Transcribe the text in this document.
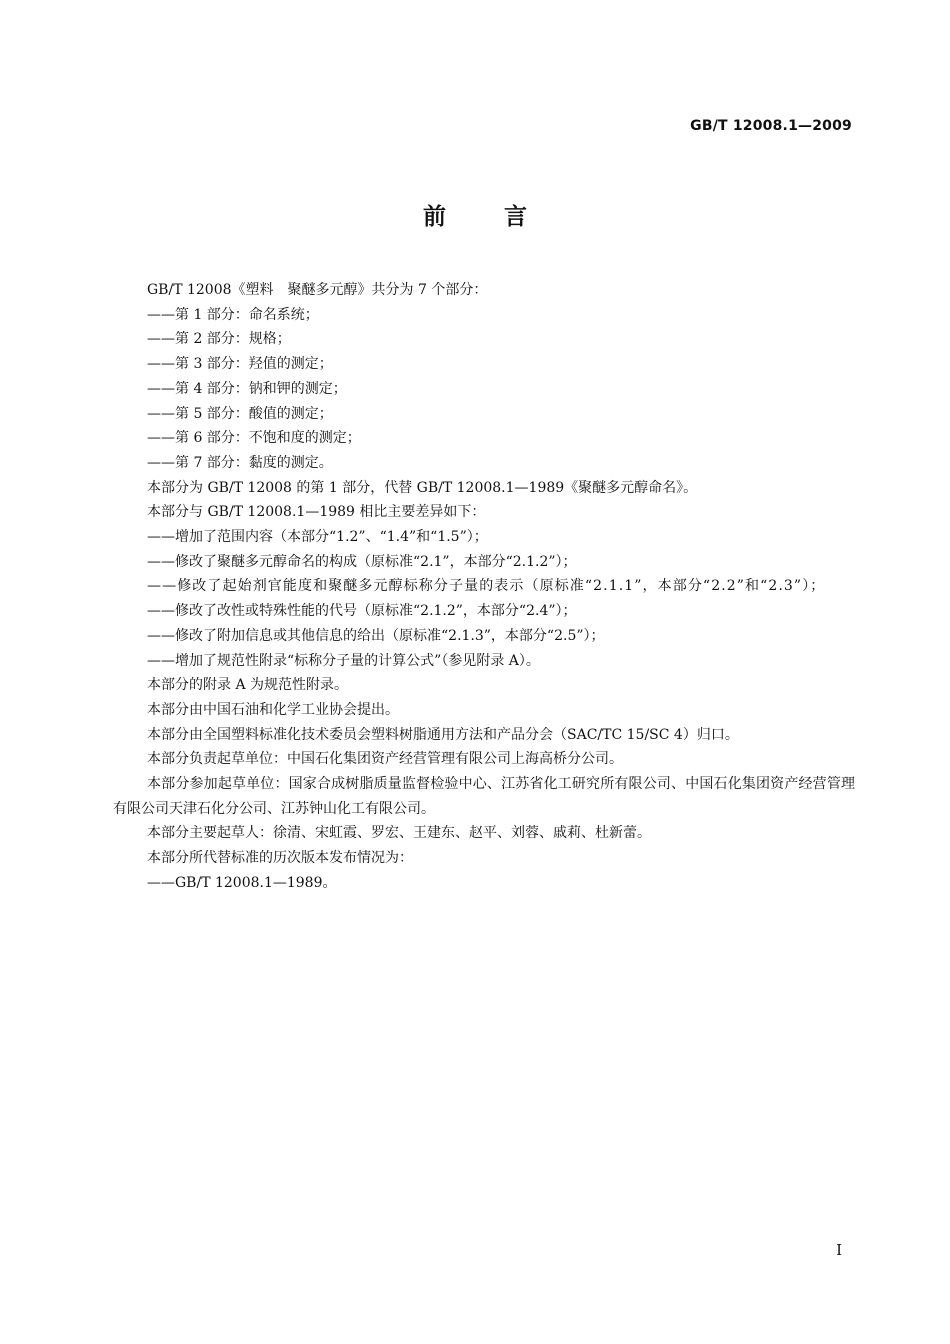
GB/T 12008.1—2009
前言

GB/T 12008《塑料　聚醚多元醇》共分为 7 个部分：

——第 1 部分：命名系统；

——第 2 部分：规格；

——第 3 部分：羟值的测定；

——第 4 部分：钠和钾的测定；

——第 5 部分：酸值的测定；

——第 6 部分：不饱和度的测定；

——第 7 部分：黏度的测定。

本部分为 GB/T 12008 的第 1 部分，代替 GB/T 12008.1—1989《聚醚多元醇命名》。

本部分与 GB/T 12008.1—1989 相比主要差异如下：

——增加了范围内容（本部分“1.2”、“1.4”和“1.5”）；

——修改了聚醚多元醇命名的构成（原标准“2.1”，本部分“2.1.2”）；

——修改了起始剂官能度和聚醚多元醇标称分子量的表示（原标准“2.1.1”，本部分“2.2”和“2.3”）；

——修改了改性或特殊性能的代号（原标准“2.1.2”，本部分“2.4”）；

——修改了附加信息或其他信息的给出（原标准“2.1.3”，本部分“2.5”）；

——增加了规范性附录“标称分子量的计算公式”（参见附录 A）。

本部分的附录 A 为规范性附录。

本部分由中国石油和化学工业协会提出。

本部分由全国塑料标准化技术委员会塑料树脂通用方法和产品分会（SAC/TC 15/SC 4）归口。

本部分负责起草单位：中国石化集团资产经营管理有限公司上海高桥分公司。

本部分参加起草单位：国家合成树脂质量监督检验中心、江苏省化工研究所有限公司、中国石化集团资产经营管理有限公司天津石化分公司、江苏钟山化工有限公司。

本部分主要起草人：徐清、宋虹霞、罗宏、王建东、赵平、刘蓉、戚莉、杜新蕾。

本部分所代替标准的历次版本发布情况为：

——GB/T 12008.1—1989。

I
